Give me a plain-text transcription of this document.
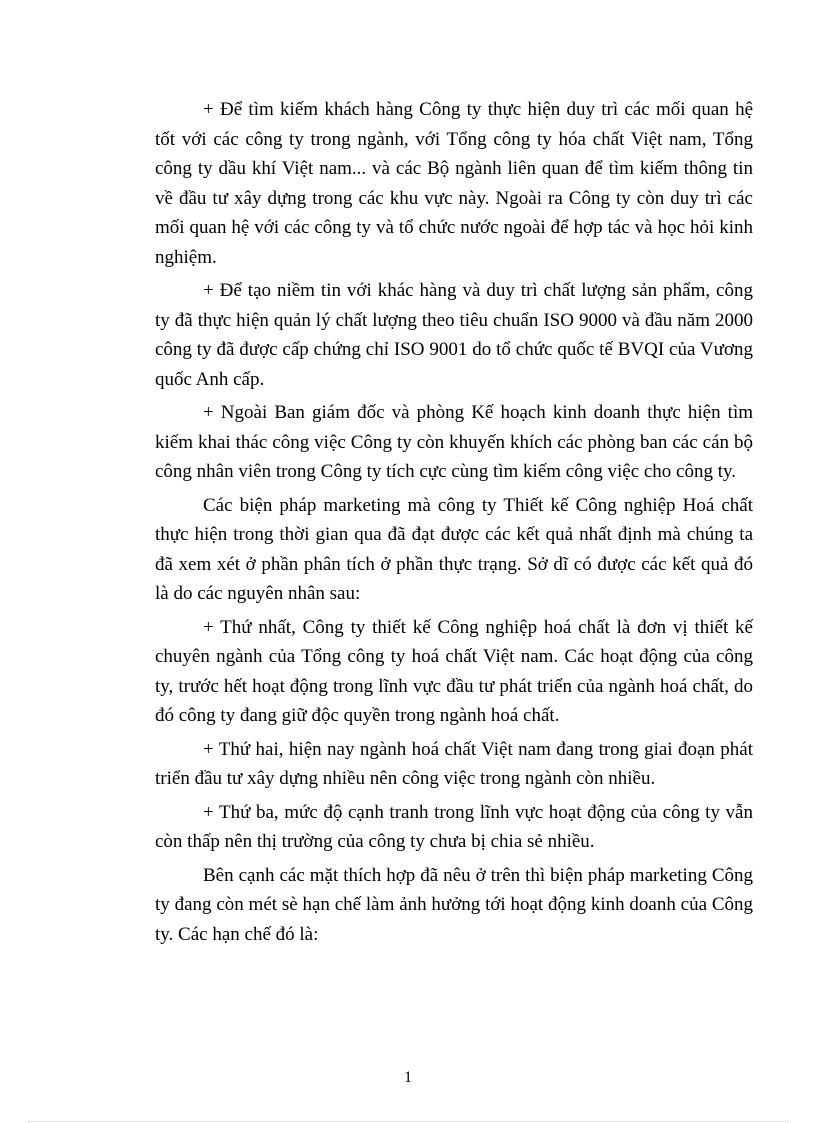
+ Để tìm kiếm khách hàng Công ty thực hiện duy trì các mối quan hệ tốt với các công ty trong ngành, với Tổng công ty hóa chất Việt nam, Tổng công ty dầu khí Việt nam... và các Bộ ngành liên quan để tìm kiếm thông tin về đầu tư xây dựng trong các khu vực này. Ngoài ra Công ty còn duy trì các mối quan hệ với các công ty và tổ chức nước ngoài để hợp tác và học hỏi kinh nghiệm.

+ Để tạo niềm tin với khác hàng và duy trì chất lượng sản phẩm, công ty đã thực hiện quản lý chất lượng theo tiêu chuẩn ISO 9000 và đầu năm 2000 công ty đã được cấp chứng chỉ ISO 9001 do tổ chức quốc tế BVQI của Vương quốc Anh cấp.

+ Ngoài Ban giám đốc và phòng Kế hoạch kinh doanh thực hiện tìm kiếm khai thác công việc Công ty còn khuyến khích các phòng ban các cán bộ công nhân viên trong Công ty tích cực cùng tìm kiếm công việc cho công ty.

Các biện pháp marketing mà công ty Thiết kế Công nghiệp Hoá chất thực hiện trong thời gian qua đã đạt được các kết quả nhất định mà chúng ta đã xem xét ở phần phân tích ở phần thực trạng. Sở dĩ có được các kết quả đó là do các nguyên nhân sau:

+ Thứ nhất, Công ty thiết kế Công nghiệp hoá chất là đơn vị thiết kế chuyên ngành của Tổng công ty hoá chất Việt nam. Các hoạt động của công ty, trước hết hoạt động trong lĩnh vực đầu tư phát triển của ngành hoá chất, do đó công ty đang giữ độc quyền trong ngành hoá chất.

+ Thứ hai, hiện nay ngành hoá chất Việt nam đang trong giai đoạn phát triển đầu tư xây dựng nhiều nên công việc trong ngành còn nhiều.

+ Thứ ba, mức độ cạnh tranh trong lĩnh vực hoạt động của công ty vẫn còn thấp nên thị trường của công ty chưa bị chia sẻ nhiều.

Bên cạnh các mặt thích hợp đã nêu ở trên thì biện pháp marketing Công ty đang còn mét sè hạn chế làm ảnh hưởng tới hoạt động kinh doanh của Công ty. Các hạn chế đó là:

1
